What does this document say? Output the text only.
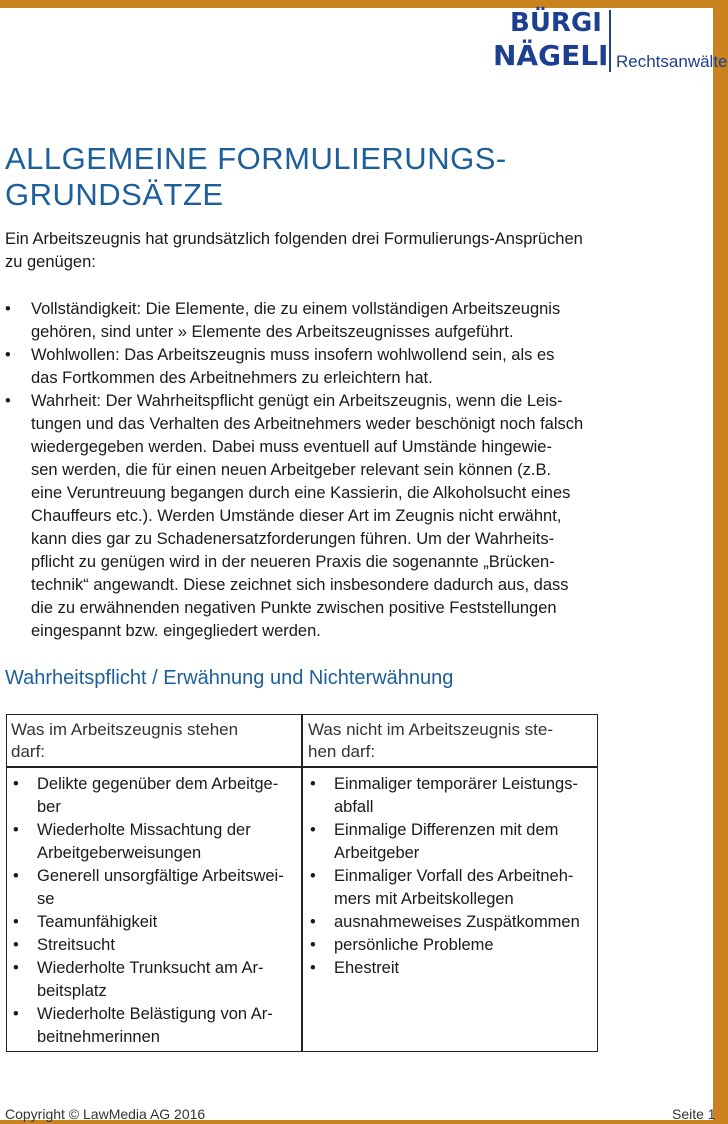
BÜRGI
NÄGELI Rechtsanwälte
ALLGEMEINE FORMULIERUNGS-
GRUNDSÄTZE

Ein Arbeitszeugnis hat grundsätzlich folgenden drei Formulierungs-Ansprüchen
zu genügen:

• Vollständigkeit: Die Elemente, die zu einem vollständigen Arbeitszeugnis
gehören, sind unter » Elemente des Arbeitszeugnisses aufgeführt.
• Wohlwollen: Das Arbeitszeugnis muss insofern wohlwollend sein, als es
das Fortkommen des Arbeitnehmers zu erleichtern hat.
• Wahrheit: Der Wahrheitspflicht genügt ein Arbeitszeugnis, wenn die Leis-
tungen und das Verhalten des Arbeitnehmers weder beschönigt noch falsch
wiedergegeben werden. Dabei muss eventuell auf Umstände hingewie-
sen werden, die für einen neuen Arbeitgeber relevant sein können (z.B.
eine Veruntreuung begangen durch eine Kassierin, die Alkoholsucht eines
Chauffeurs etc.). Werden Umstände dieser Art im Zeugnis nicht erwähnt,
kann dies gar zu Schadenersatzforderungen führen. Um der Wahrheits-
pflicht zu genügen wird in der neueren Praxis die sogenannte „Brücken-
technik“ angewandt. Diese zeichnet sich insbesondere dadurch aus, dass
die zu erwähnenden negativen Punkte zwischen positive Feststellungen
eingespannt bzw. eingegliedert werden.
Wahrheitspflicht / Erwähnung und Nichterwähnung
Was im Arbeitszeugnis stehen
darf:
Was nicht im Arbeitszeugnis ste-
hen darf:
• Delikte gegenüber dem Arbeitge-
ber
• Wiederholte Missachtung der
Arbeitgeberweisungen
• Generell unsorgfältige Arbeitswei-
se
• Teamunfähigkeit
• Streitsucht
• Wiederholte Trunksucht am Ar-
beitsplatz
• Wiederholte Belästigung von Ar-
beitnehmerinnen
• Einmaliger temporärer Leistungs-
abfall
• Einmalige Differenzen mit dem
Arbeitgeber
• Einmaliger Vorfall des Arbeitneh-
mers mit Arbeitskollegen
• ausnahmeweises Zuspätkommen
• persönliche Probleme
• Ehestreit
Copyright © LawMedia AG 2016	Seite 1
